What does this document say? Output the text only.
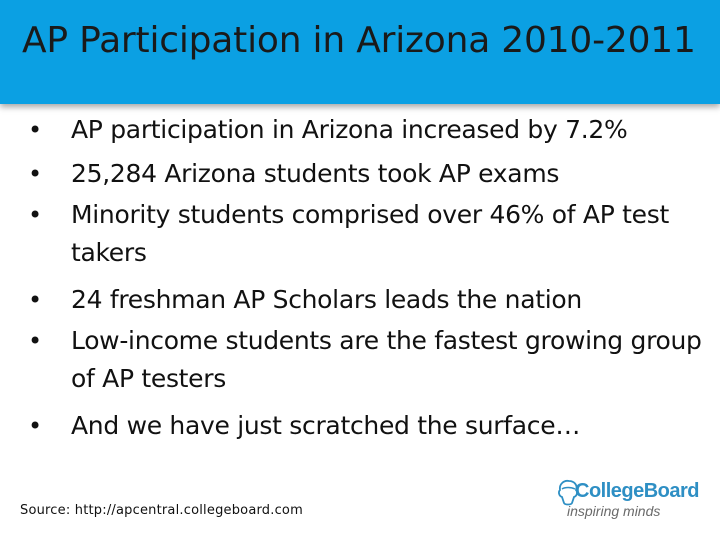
AP Participation in Arizona 2010-2011
• AP participation in Arizona increased by 7.2%
• 25,284 Arizona students took AP exams
• Minority students comprised over 46% of AP test takers
• 24 freshman AP Scholars leads the nation
• Low-income students are the fastest growing group of AP testers
• And we have just scratched the surface…
Source: http://apcentral.collegeboard.com
CollegeBoard
inspiring minds
